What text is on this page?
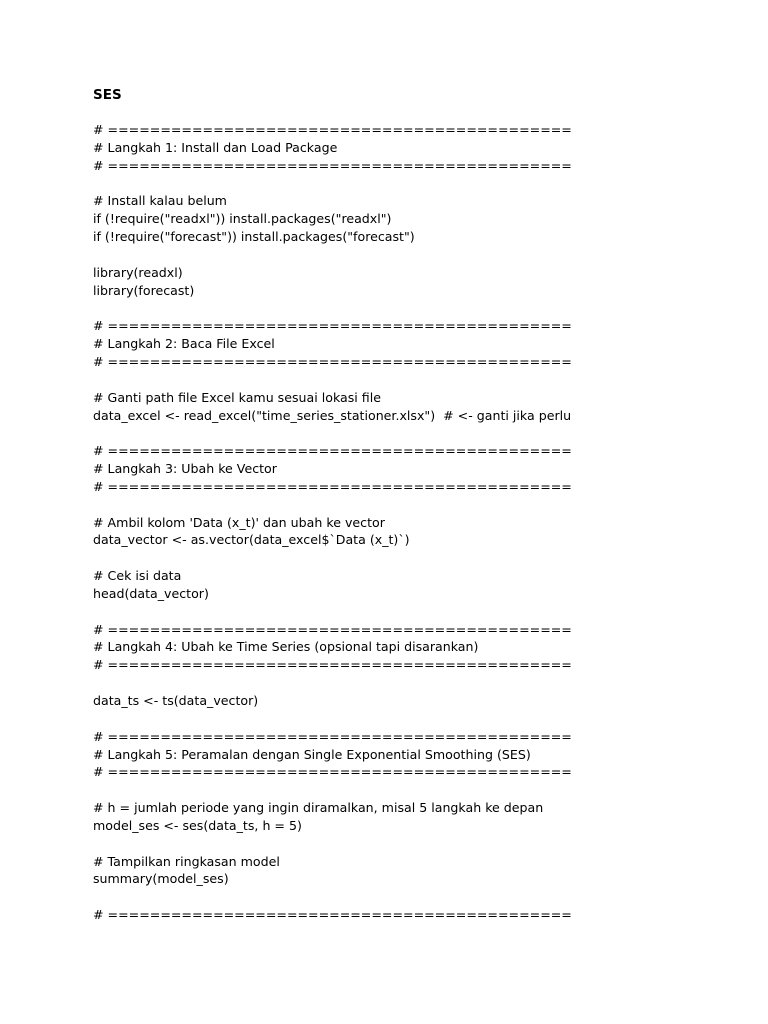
SES
# ============================================
# Langkah 1: Install dan Load Package
# ============================================
# Install kalau belum
if (!require("readxl")) install.packages("readxl")
if (!require("forecast")) install.packages("forecast")
library(readxl)
library(forecast)
# ============================================
# Langkah 2: Baca File Excel
# ============================================
# Ganti path file Excel kamu sesuai lokasi file
data_excel <- read_excel("time_series_stationer.xlsx")  # <- ganti jika perlu
# ============================================
# Langkah 3: Ubah ke Vector
# ============================================
# Ambil kolom 'Data (x_t)' dan ubah ke vector
data_vector <- as.vector(data_excel$`Data (x_t)`)
# Cek isi data
head(data_vector)
# ============================================
# Langkah 4: Ubah ke Time Series (opsional tapi disarankan)
# ============================================
data_ts <- ts(data_vector)
# ============================================
# Langkah 5: Peramalan dengan Single Exponential Smoothing (SES)
# ============================================
# h = jumlah periode yang ingin diramalkan, misal 5 langkah ke depan
model_ses <- ses(data_ts, h = 5)
# Tampilkan ringkasan model
summary(model_ses)
# ============================================
